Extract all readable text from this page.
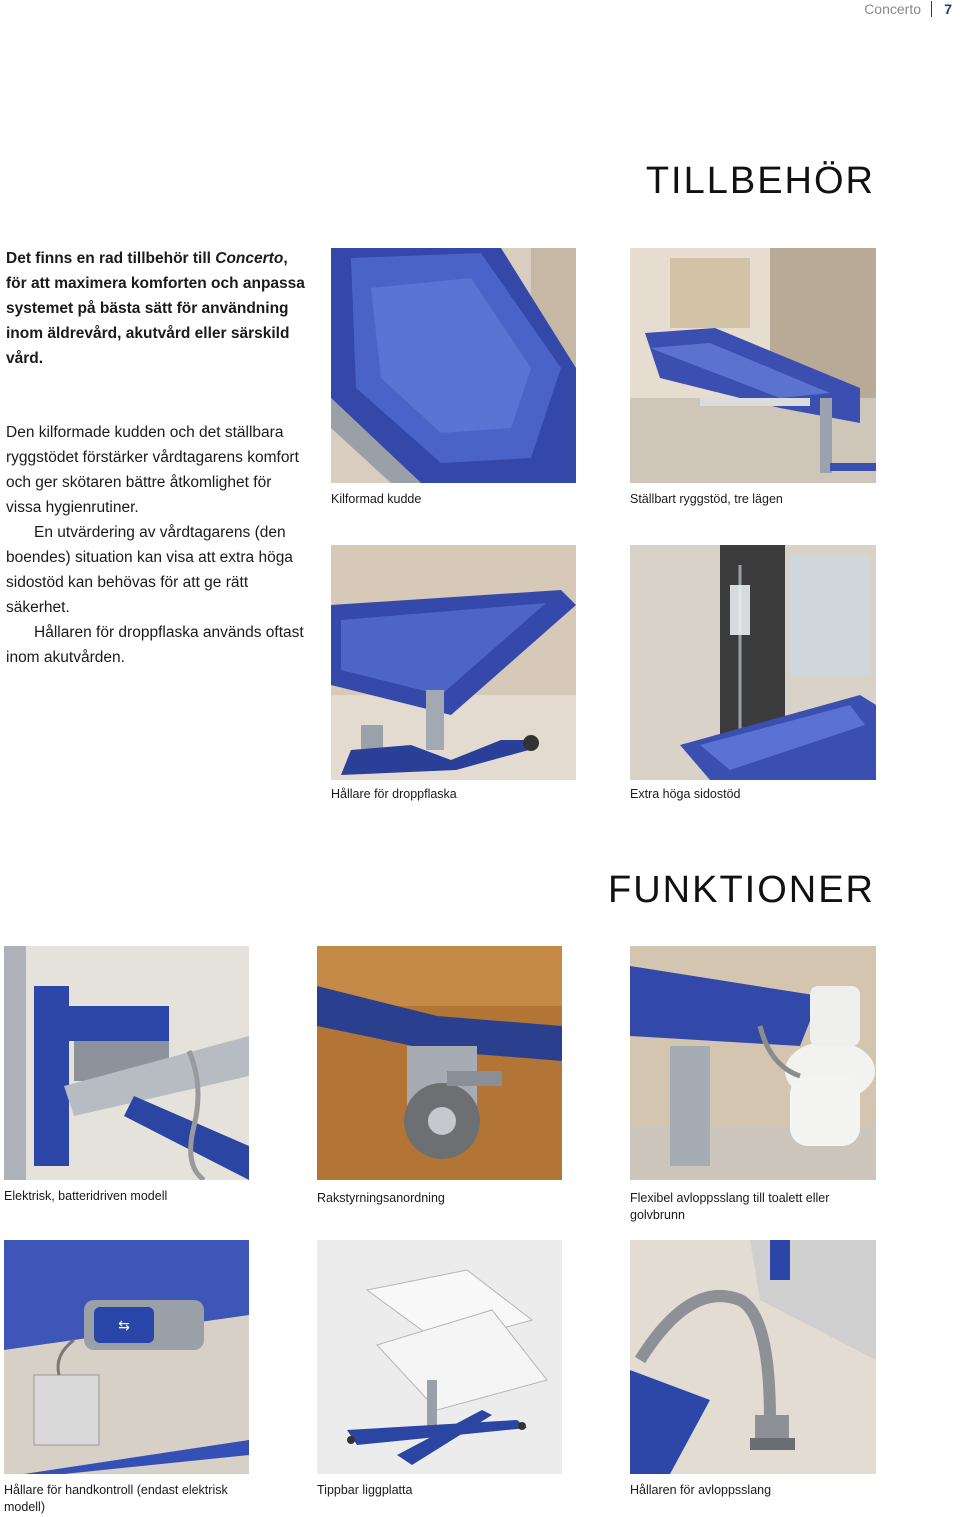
Concerto 7
TILLBEHÖR

Det finns en rad tillbehör till Concerto, för att maximera komforten och anpassa systemet på bästa sätt för användning inom äldrevård, akutvård eller särskild vård.

Den kilformade kudden och det ställbara ryggstödet förstärker vårdtagarens komfort och ger skötaren bättre åtkomlighet för vissa hygienrutiner.

En utvärdering av vårdtagarens (den boendes) situation kan visa att extra höga sidostöd kan behövas för att ge rätt säkerhet.

Hållaren för droppflaska används oftast inom akutvården.

Kilformad kudde	Ställbart ryggstöd, tre lägen
Hållare för droppflaska	Extra höga sidostöd
FUNKTIONER
Elektrisk, batteridriven modell	Rakstyrningsanordning	Flexibel avloppsslang till toalett eller golvbrunn
⇆
Hållare för handkontroll (endast elektrisk modell)
Tippbar liggplatta	Hållaren för avloppsslang
